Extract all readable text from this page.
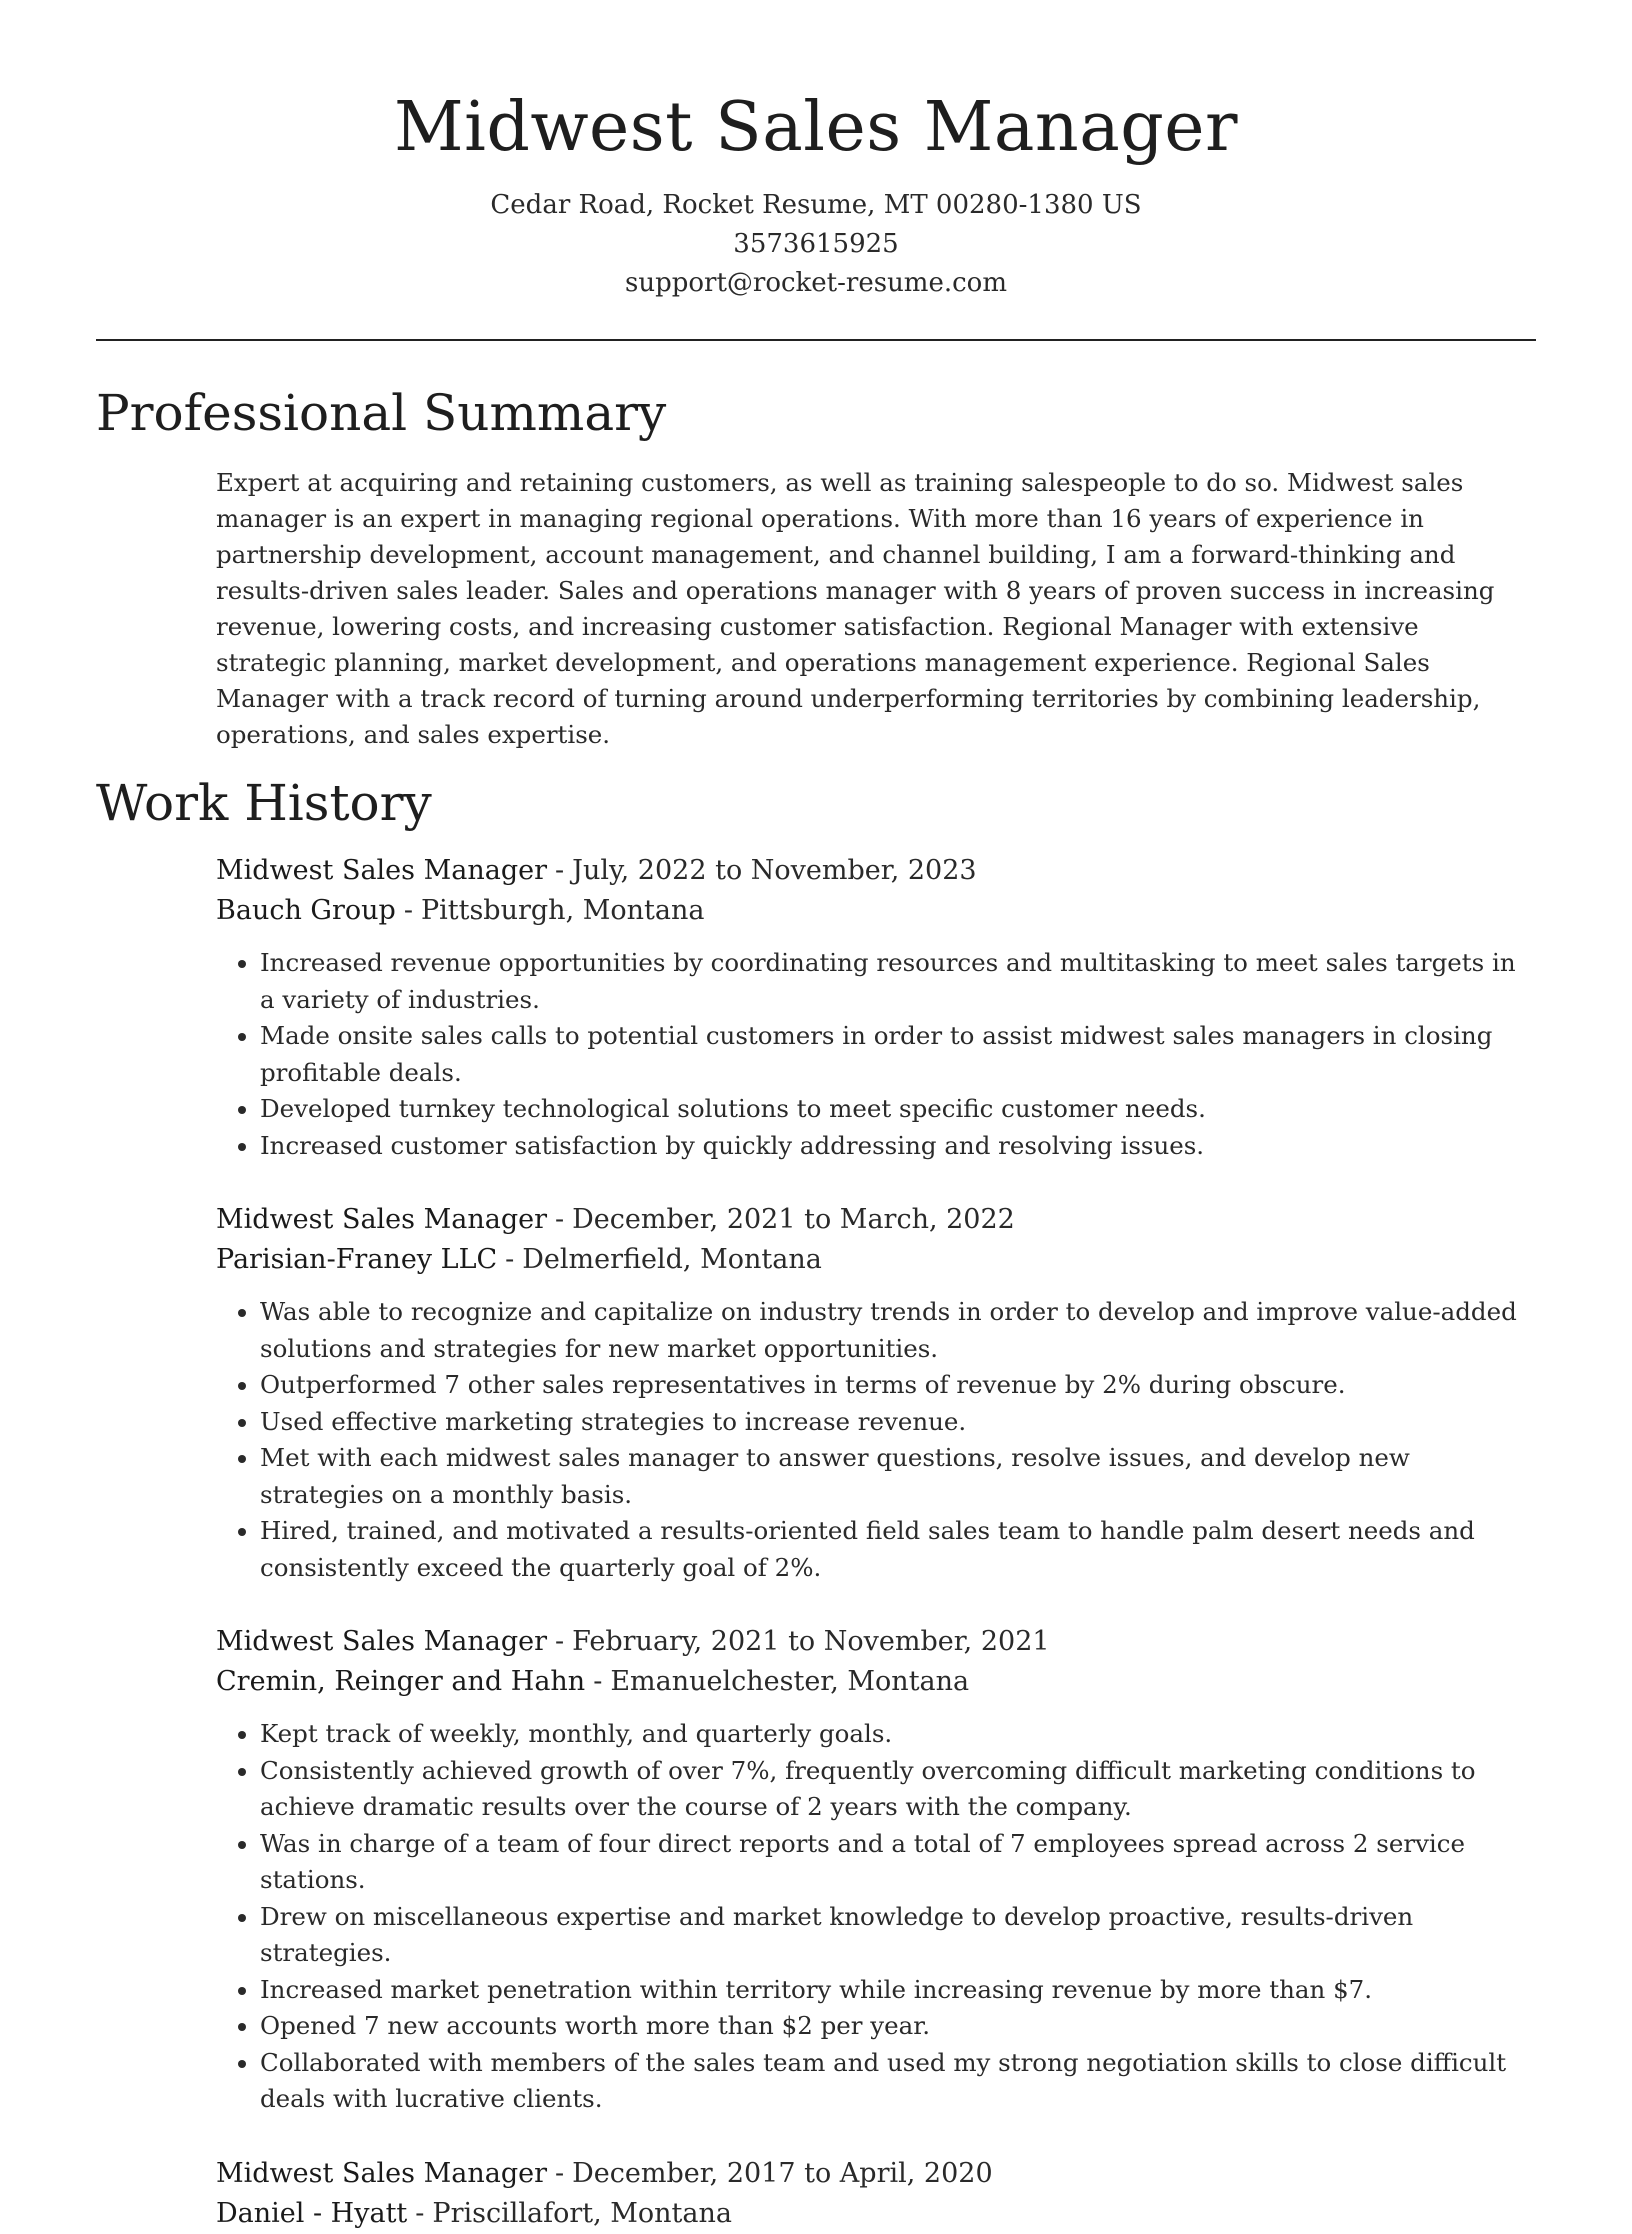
Midwest Sales Manager
Cedar Road, Rocket Resume, MT 00280-1380 US
3573615925
support@rocket-resume.com
Professional Summary

Expert at acquiring and retaining customers, as well as training salespeople to do so. Midwest sales manager is an expert in managing regional operations. With more than 16 years of experience in partnership development, account management, and channel building, I am a forward-thinking and results-driven sales leader. Sales and operations manager with 8 years of proven success in increasing revenue, lowering costs, and increasing customer satisfaction. Regional Manager with extensive strategic planning, market development, and operations management experience. Regional Sales Manager with a track record of turning around underperforming territories by combining leadership, operations, and sales expertise.

Work History
Midwest Sales Manager - July, 2022 to November, 2023
Bauch Group - Pittsburgh, Montana
• Increased revenue opportunities by coordinating resources and multitasking to meet sales targets in a variety of industries.
• Made onsite sales calls to potential customers in order to assist midwest sales managers in closing profitable deals.
• Developed turnkey technological solutions to meet specific customer needs.
• Increased customer satisfaction by quickly addressing and resolving issues.
Midwest Sales Manager - December, 2021 to March, 2022
Parisian-Franey LLC - Delmerfield, Montana
• Was able to recognize and capitalize on industry trends in order to develop and improve value-added solutions and strategies for new market opportunities.
• Outperformed 7 other sales representatives in terms of revenue by 2% during obscure.
• Used effective marketing strategies to increase revenue.
• Met with each midwest sales manager to answer questions, resolve issues, and develop new strategies on a monthly basis.
• Hired, trained, and motivated a results-oriented field sales team to handle palm desert needs and consistently exceed the quarterly goal of 2%.
Midwest Sales Manager - February, 2021 to November, 2021
Cremin, Reinger and Hahn - Emanuelchester, Montana
• Kept track of weekly, monthly, and quarterly goals.
• Consistently achieved growth of over 7%, frequently overcoming difficult marketing conditions to achieve dramatic results over the course of 2 years with the company.
• Was in charge of a team of four direct reports and a total of 7 employees spread across 2 service stations.
• Drew on miscellaneous expertise and market knowledge to develop proactive, results-driven strategies.
• Increased market penetration within territory while increasing revenue by more than $7.
• Opened 7 new accounts worth more than $2 per year.
• Collaborated with members of the sales team and used my strong negotiation skills to close difficult deals with lucrative clients.
Midwest Sales Manager - December, 2017 to April, 2020
Daniel - Hyatt - Priscillafort, Montana
